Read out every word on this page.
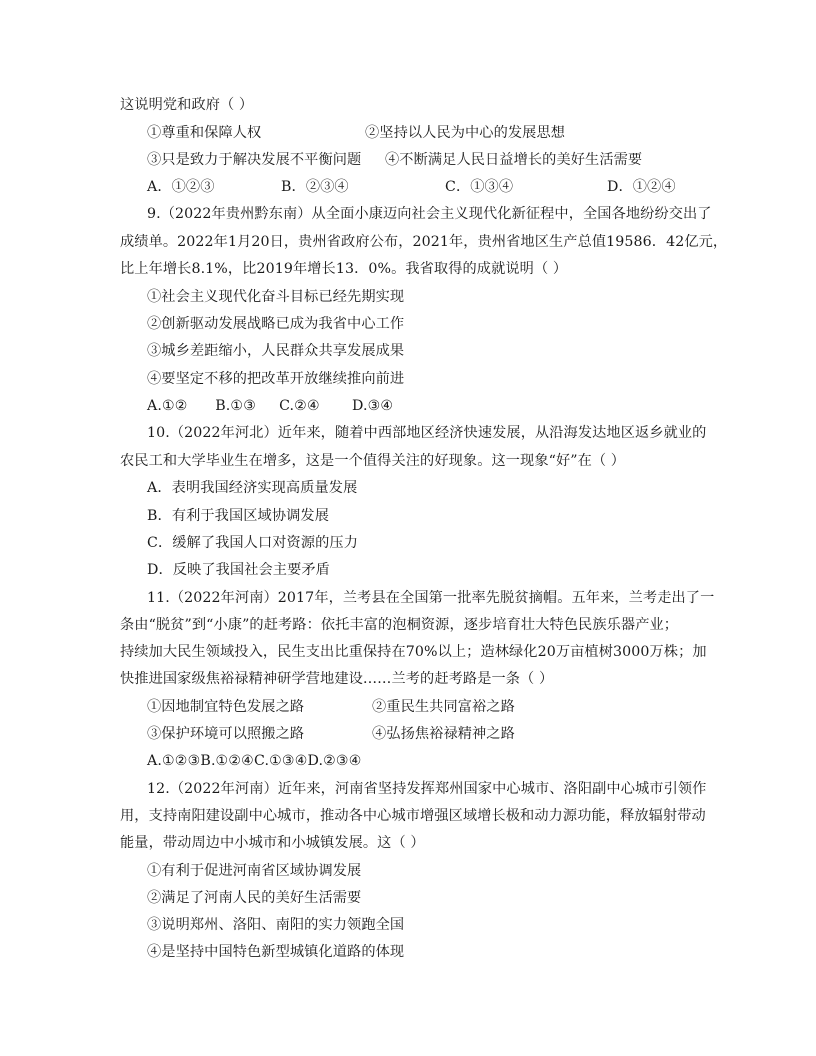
这说明党和政府（ ）
①尊重和保障人权	②坚持以人民为中心的发展思想
③只是致力于解决发展不平衡问题 ④不断满足人民日益增长的美好生活需要
A．①②③	B．②③④	C．①③④	D．①②④
9.（2022年贵州黔东南）从全面小康迈向社会主义现代化新征程中，全国各地纷纷交出了
成绩单。2022年1月20日，贵州省政府公布，2021年，贵州省地区生产总值19586．42亿元，
比上年增长8.1%，比2019年增长13．0%。我省取得的成就说明（ ）
①社会主义现代化奋斗目标已经先期实现
②创新驱动发展战略已成为我省中心工作
③城乡差距缩小，人民群众共享发展成果
④要坚定不移的把改革开放继续推向前进
A.①②      B.①③     C.②④       D.③④
10.（2022年河北）近年来，随着中西部地区经济快速发展，从沿海发达地区返乡就业的
农民工和大学毕业生在增多，这是一个值得关注的好现象。这一现象“好”在（ ）
A．表明我国经济实现高质量发展
B．有利于我国区域协调发展
C．缓解了我国人口对资源的压力
D．反映了我国社会主要矛盾
11.（2022年河南）2017年，兰考县在全国第一批率先脱贫摘帽。五年来，兰考走出了一
条由“脱贫”到“小康”的赶考路：依托丰富的泡桐资源，逐步培育壮大特色民族乐器产业；
持续加大民生领域投入，民生支出比重保持在70%以上；造林绿化20万亩植树3000万株；加
快推进国家级焦裕禄精神研学营地建设……兰考的赶考路是一条（ ）
①因地制宜特色发展之路	②重民生共同富裕之路
③保护环境可以照搬之路	④弘扬焦裕禄精神之路
A.①②③B.①②④C.①③④D.②③④
12.（2022年河南）近年来，河南省坚持发挥郑州国家中心城市、洛阳副中心城市引领作
用，支持南阳建设副中心城市，推动各中心城市增强区域增长极和动力源功能，释放辐射带动
能量，带动周边中小城市和小城镇发展。这（ ）
①有利于促进河南省区域协调发展
②满足了河南人民的美好生活需要
③说明郑州、洛阳、南阳的实力领跑全国
④是坚持中国特色新型城镇化道路的体现
